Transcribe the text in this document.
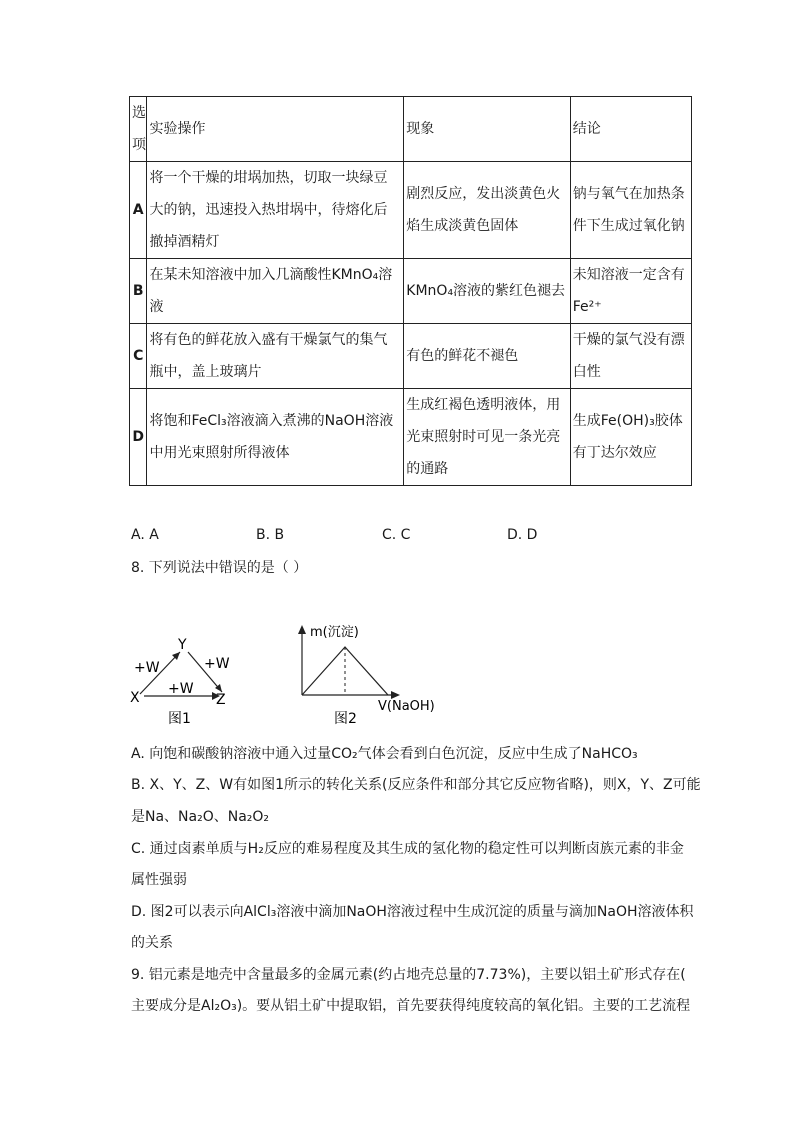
选项	实验操作	现象	结论
A	将一个干燥的坩埚加热，切取一块绿豆大的钠，迅速投入热坩埚中，待熔化后撤掉酒精灯	剧烈反应，发出淡黄色火焰生成淡黄色固体	钠与氧气在加热条件下生成过氧化钠
B	在某未知溶液中加入几滴酸性KMnO₄溶液	KMnO₄溶液的紫红色褪去	未知溶液一定含有Fe²⁺
C	将有色的鲜花放入盛有干燥氯气的集气瓶中，盖上玻璃片	有色的鲜花不褪色	干燥的氯气没有漂白性
D	将饱和FeCl₃溶液滴入煮沸的NaOH溶液中用光束照射所得液体	生成红褐色透明液体，用光束照射时可见一条光亮的通路	生成Fe(OH)₃胶体有丁达尔效应
A. A	B. B	C. C	D. D
8. 下列说法中错误的是（ ）
X
Y
Z
+W	+W
+W
图1
m(沉淀)
V(NaOH)
图2
A. 向饱和碳酸钠溶液中通入过量CO₂气体会看到白色沉淀，反应中生成了NaHCO₃
B. X、Y、Z、W有如图1所示的转化关系(反应条件和部分其它反应物省略)，则X，Y、Z可能
是Na、Na₂O、Na₂O₂
C. 通过卤素单质与H₂反应的难易程度及其生成的氢化物的稳定性可以判断卤族元素的非金
属性强弱
D. 图2可以表示向AlCl₃溶液中滴加NaOH溶液过程中生成沉淀的质量与滴加NaOH溶液体积
的关系
9. 铝元素是地壳中含量最多的金属元素(约占地壳总量的7.73%)，主要以铝土矿形式存在(
主要成分是Al₂O₃)。要从铝土矿中提取铝，首先要获得纯度较高的氧化铝。主要的工艺流程
